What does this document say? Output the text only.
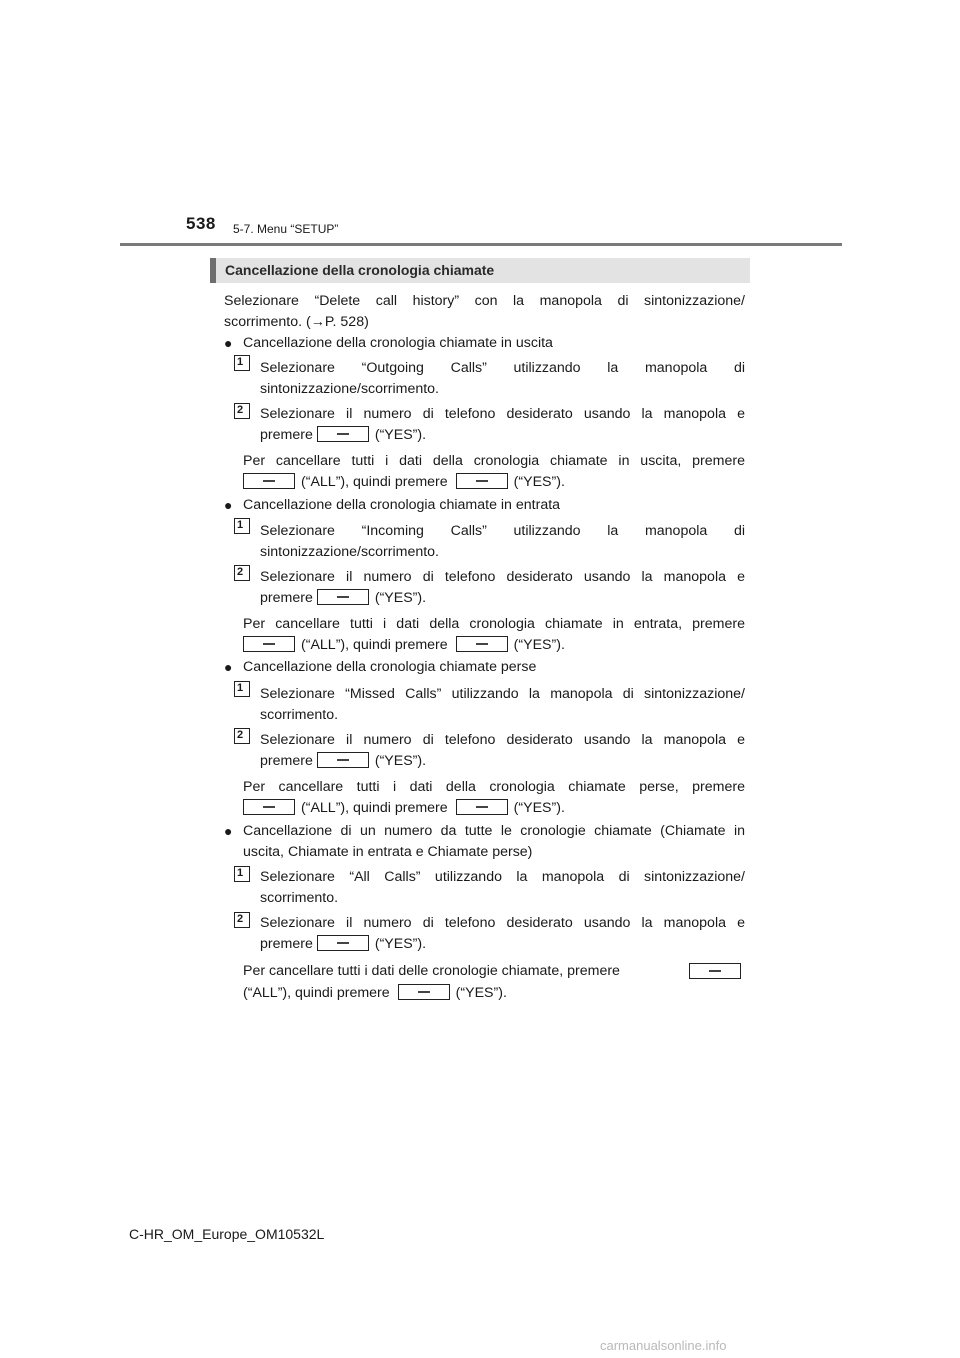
538 5-7. Menu “SETUP”
Cancellazione della cronologia chiamate
Selezionare “Delete call history” con la manopola di sintonizzazione/
scorrimento. (→P. 528)
● Cancellazione della cronologia chiamate in uscita
1	Selezionare “Outgoing Calls” utilizzando la manopola di
sintonizzazione/scorrimento.
2	Selezionare il numero di telefono desiderato usando la manopola e
premere	(“YES”).
Per cancellare tutti i dati della cronologia chiamate in uscita, premere
(“ALL”), quindi premere	(“YES”).
● Cancellazione della cronologia chiamate in entrata
1	Selezionare “Incoming Calls” utilizzando la manopola di
sintonizzazione/scorrimento.
2	Selezionare il numero di telefono desiderato usando la manopola e
premere	(“YES”).
Per cancellare tutti i dati della cronologia chiamate in entrata, premere
(“ALL”), quindi premere	(“YES”).
● Cancellazione della cronologia chiamate perse
1	Selezionare “Missed Calls” utilizzando la manopola di sintonizzazione/
scorrimento.
2	Selezionare il numero di telefono desiderato usando la manopola e
premere	(“YES”).
Per cancellare tutti i dati della cronologia chiamate perse, premere
(“ALL”), quindi premere	(“YES”).
● Cancellazione di un numero da tutte le cronologie chiamate (Chiamate in
uscita, Chiamate in entrata e Chiamate perse)
1	Selezionare “All Calls” utilizzando la manopola di sintonizzazione/
scorrimento.
2	Selezionare il numero di telefono desiderato usando la manopola e
premere	(“YES”).
Per cancellare tutti i dati delle cronologie chiamate, premere
(“ALL”), quindi premere	(“YES”).
C-HR_OM_Europe_OM10532L
carmanualsonline.info
